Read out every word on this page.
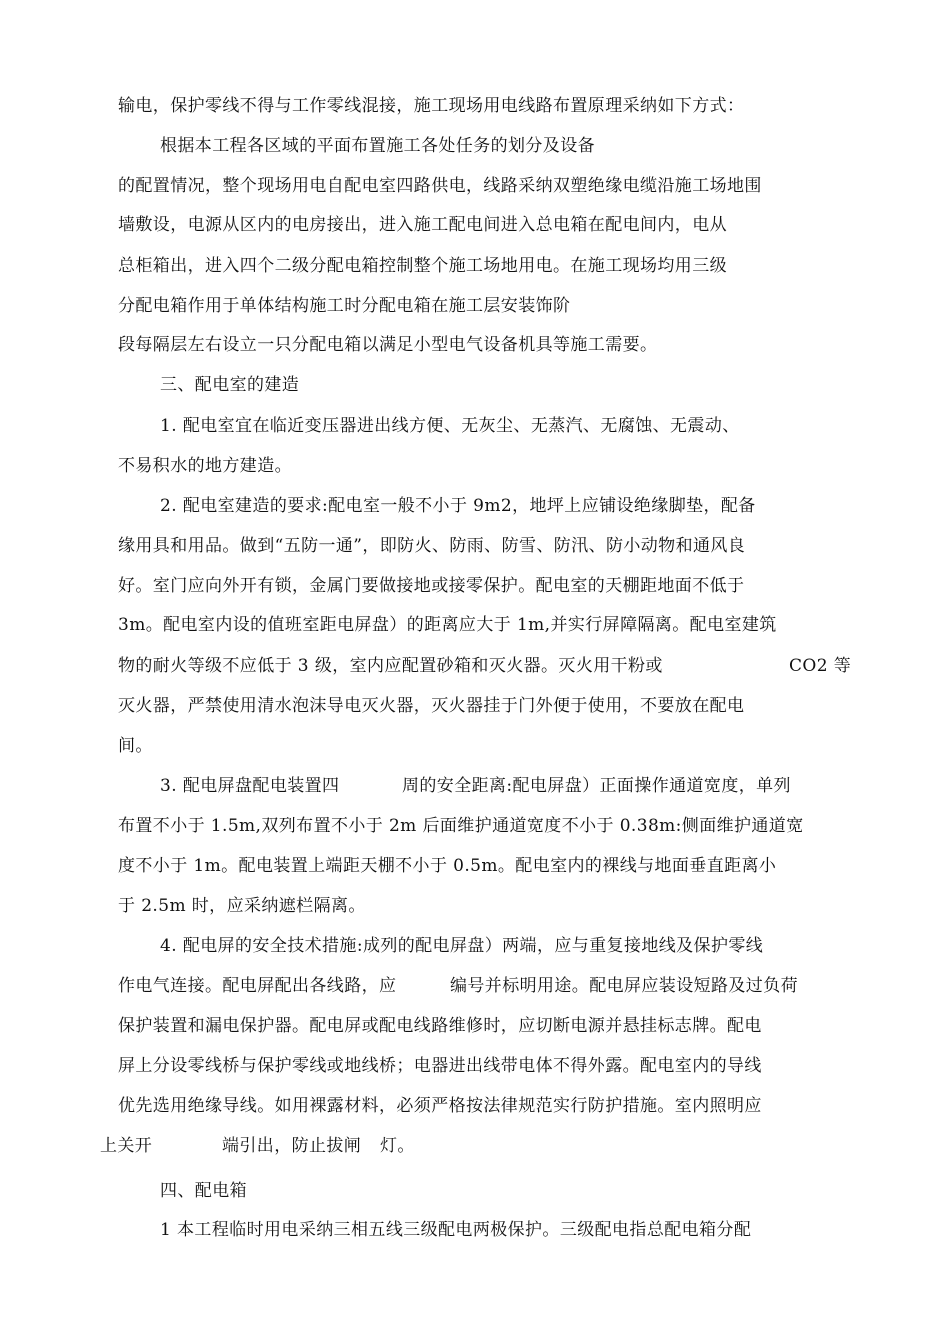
输电，保护零线不得与工作零线混接，施工现场用电线路布置原理采纳如下方式：
根据本工程各区域的平面布置施工各处任务的划分及设备
的配置情况，整个现场用电自配电室四路供电，线路采纳双塑绝缘电缆沿施工场地围
墙敷设，电源从区内的电房接出，进入施工配电间进入总电箱在配电间内，电从
总柜箱出，进入四个二级分配电箱控制整个施工场地用电。在施工现场均用三级
分配电箱作用于单体结构施工时分配电箱在施工层安装饰阶
段每隔层左右设立一只分配电箱以满足小型电气设备机具等施工需要。
三、配电室的建造
1. 配电室宜在临近变压器进出线方便、无灰尘、无蒸汽、无腐蚀、无震动、
不易积水的地方建造。
2. 配电室建造的要求:配电室一般不小于 9m2，地坪上应铺设绝缘脚垫，配备
缘用具和用品。做到“五防一通”，即防火、防雨、防雪、防汛、防小动物和通风良
好。室门应向外开有锁，金属门要做接地或接零保护。配电室的天棚距地面不低于
3m。配电室内设的值班室距电屏盘）的距离应大于 1m,并实行屏障隔离。配电室建筑
物的耐火等级不应低于 3 级，室内应配置砂箱和灭火器。灭火用干粉或	CO2 等
灭火器，严禁使用清水泡沫导电灭火器，灭火器挂于门外便于使用，不要放在配电
间。
3. 配电屏盘配电装置四	周的安全距离:配电屏盘）正面操作通道宽度，单列
布置不小于 1.5m,双列布置不小于 2m 后面维护通道宽度不小于 0.38m:侧面维护通道宽
度不小于 1m。配电装置上端距天棚不小于 0.5m。配电室内的裸线与地面垂直距离小
于 2.5m 时，应采纳遮栏隔离。
4. 配电屏的安全技术措施:成列的配电屏盘）两端，应与重复接地线及保护零线
作电气连接。配电屏配出各线路，应	编号并标明用途。配电屏应装设短路及过负荷
保护装置和漏电保护器。配电屏或配电线路维修时，应切断电源并悬挂标志牌。配电
屏上分设零线桥与保护零线或地线桥；电器进出线带电体不得外露。配电室内的导线
优先选用绝缘导线。如用裸露材料，必须严格按法律规范实行防护措施。室内照明应
上关开	端引出，防止拔闸 灯。
四、配电箱
1 本工程临时用电采纳三相五线三级配电两极保护。三级配电指总配电箱分配
